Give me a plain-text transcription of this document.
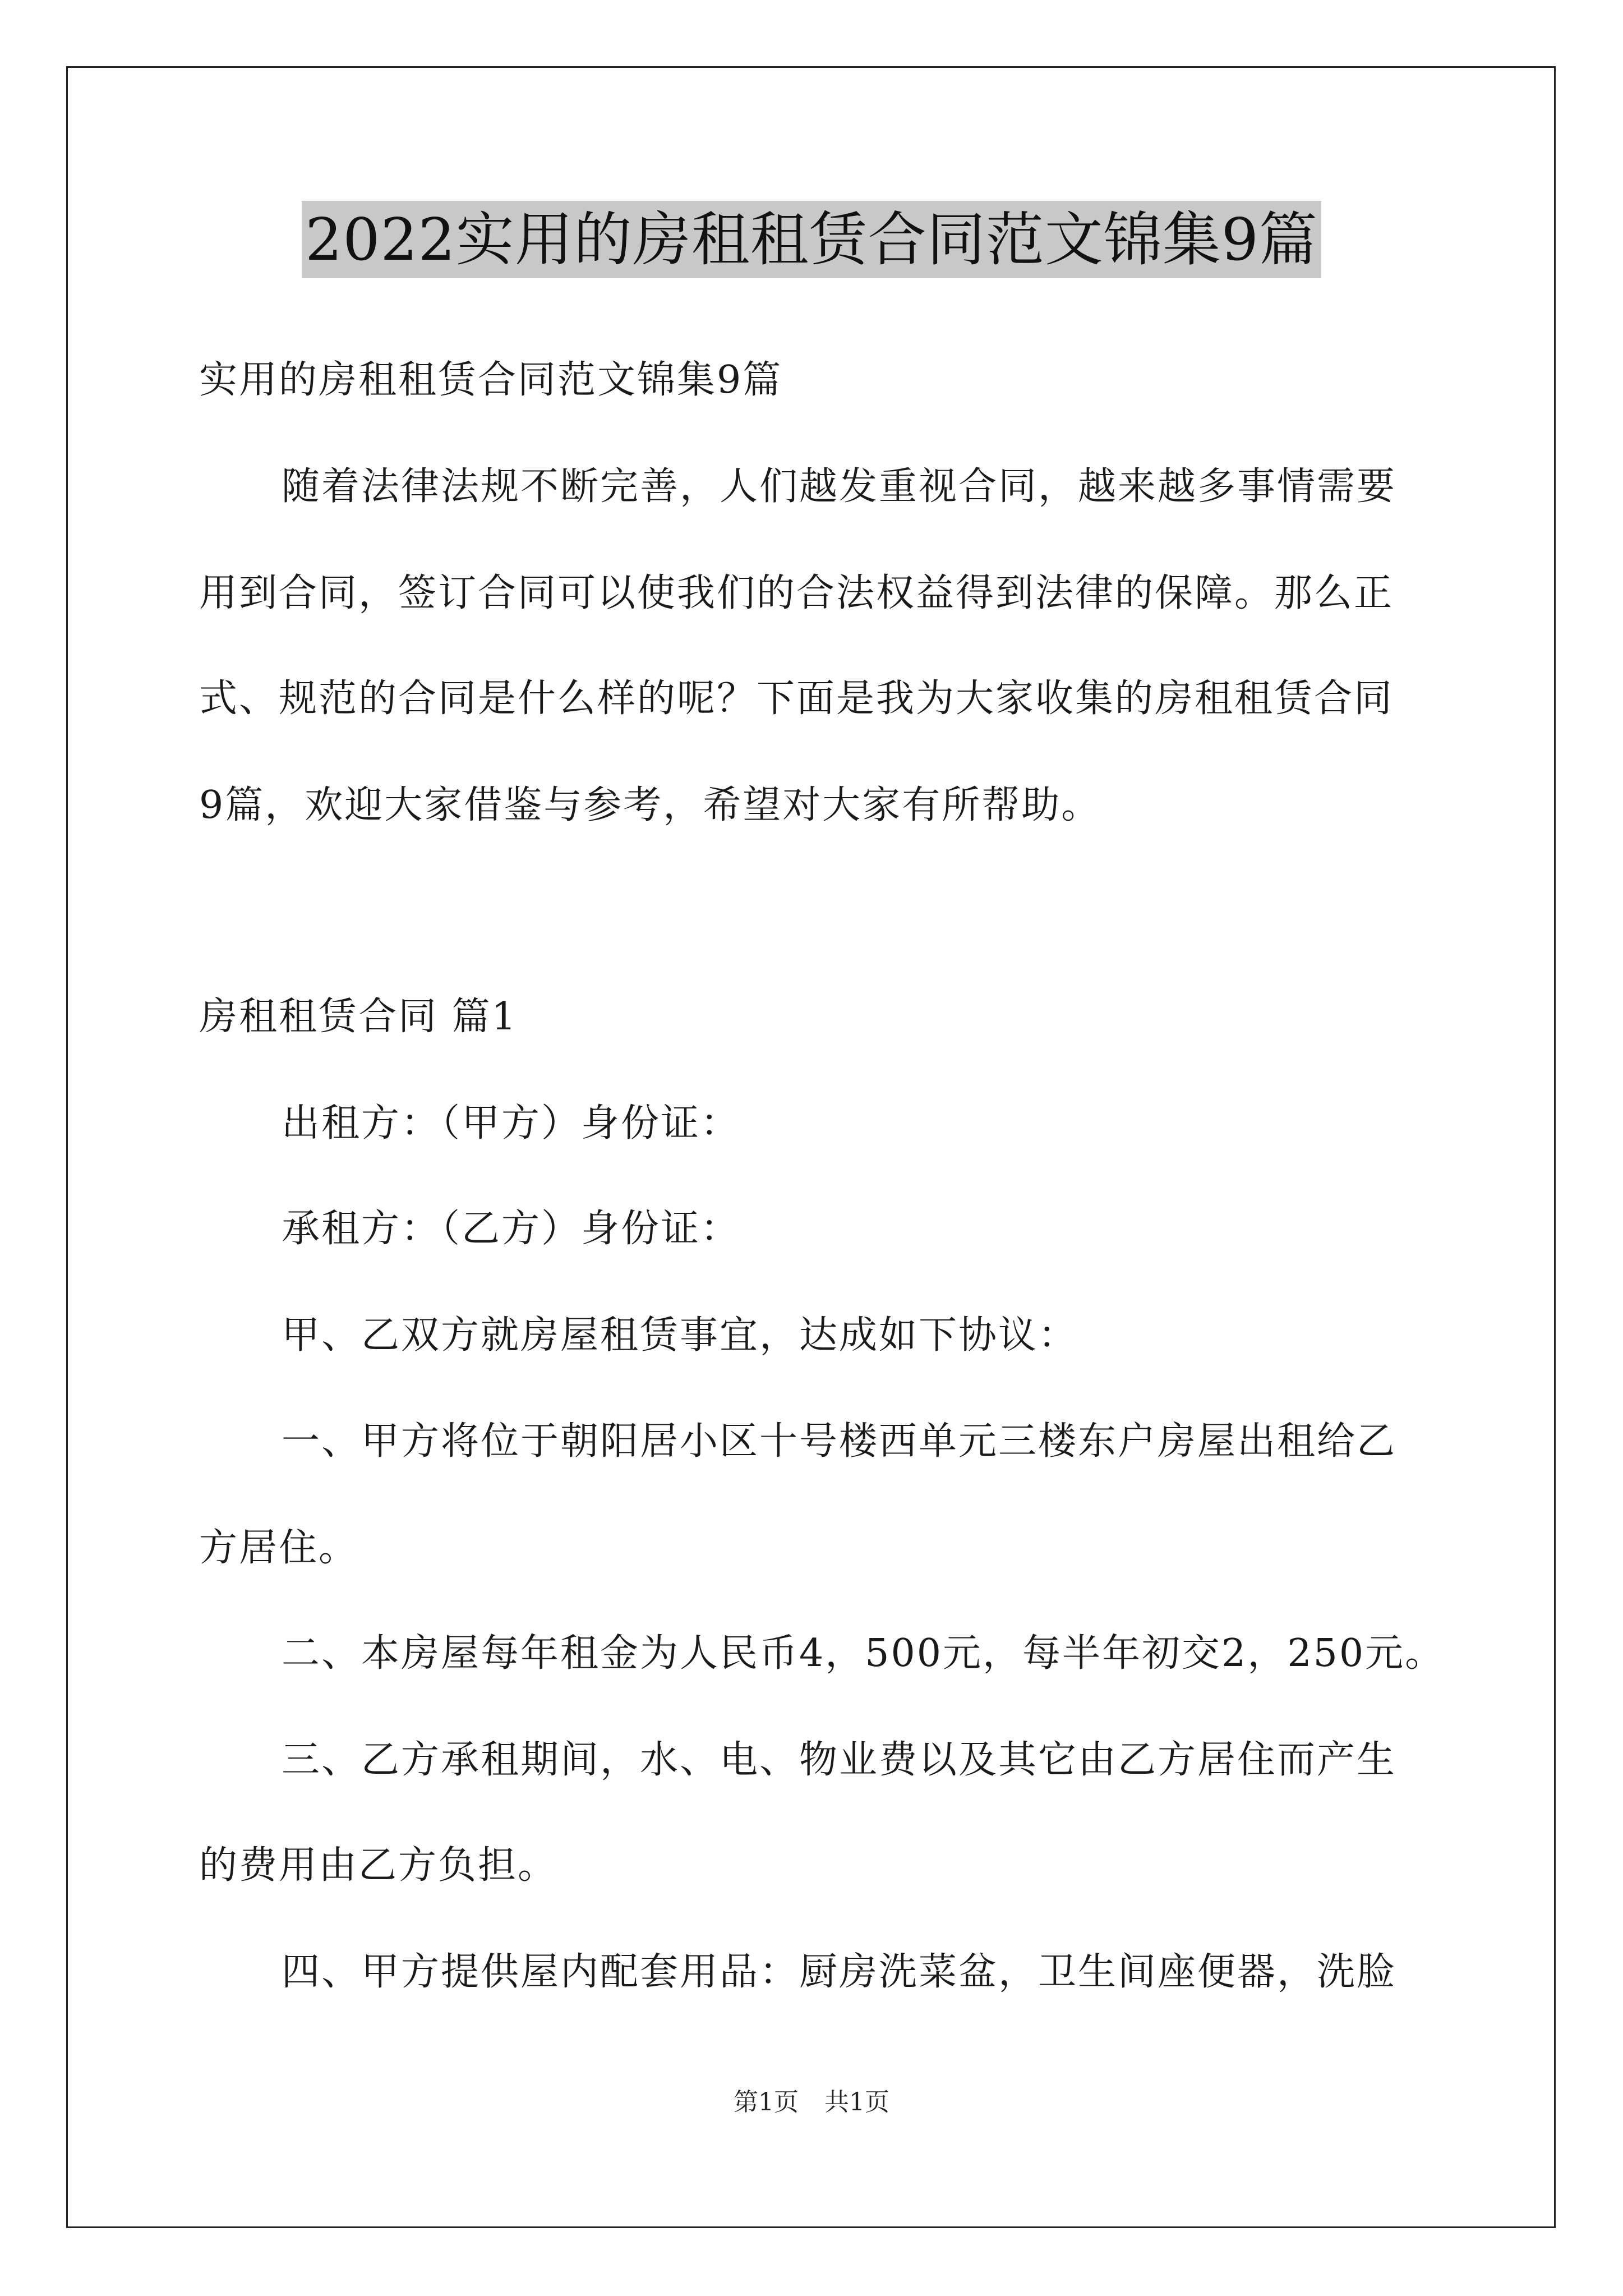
2022实用的房租租赁合同范文锦集9篇
实用的房租租赁合同范文锦集9篇
随着法律法规不断完善，人们越发重视合同，越来越多事情需要
用到合同，签订合同可以使我们的合法权益得到法律的保障。那么正
式、规范的合同是什么样的呢？下面是我为大家收集的房租租赁合同
9篇，欢迎大家借鉴与参考，希望对大家有所帮助。
房租租赁合同 篇1
出租方：（甲方）身份证：
承租方：（乙方）身份证：
甲、乙双方就房屋租赁事宜，达成如下协议：
一、甲方将位于朝阳居小区十号楼西单元三楼东户房屋出租给乙
方居住。
二、本房屋每年租金为人民币4，500元，每半年初交2，250元。
三、乙方承租期间，水、电、物业费以及其它由乙方居住而产生
的费用由乙方负担。
四、甲方提供屋内配套用品：厨房洗菜盆，卫生间座便器，洗脸
第1页 共1页
